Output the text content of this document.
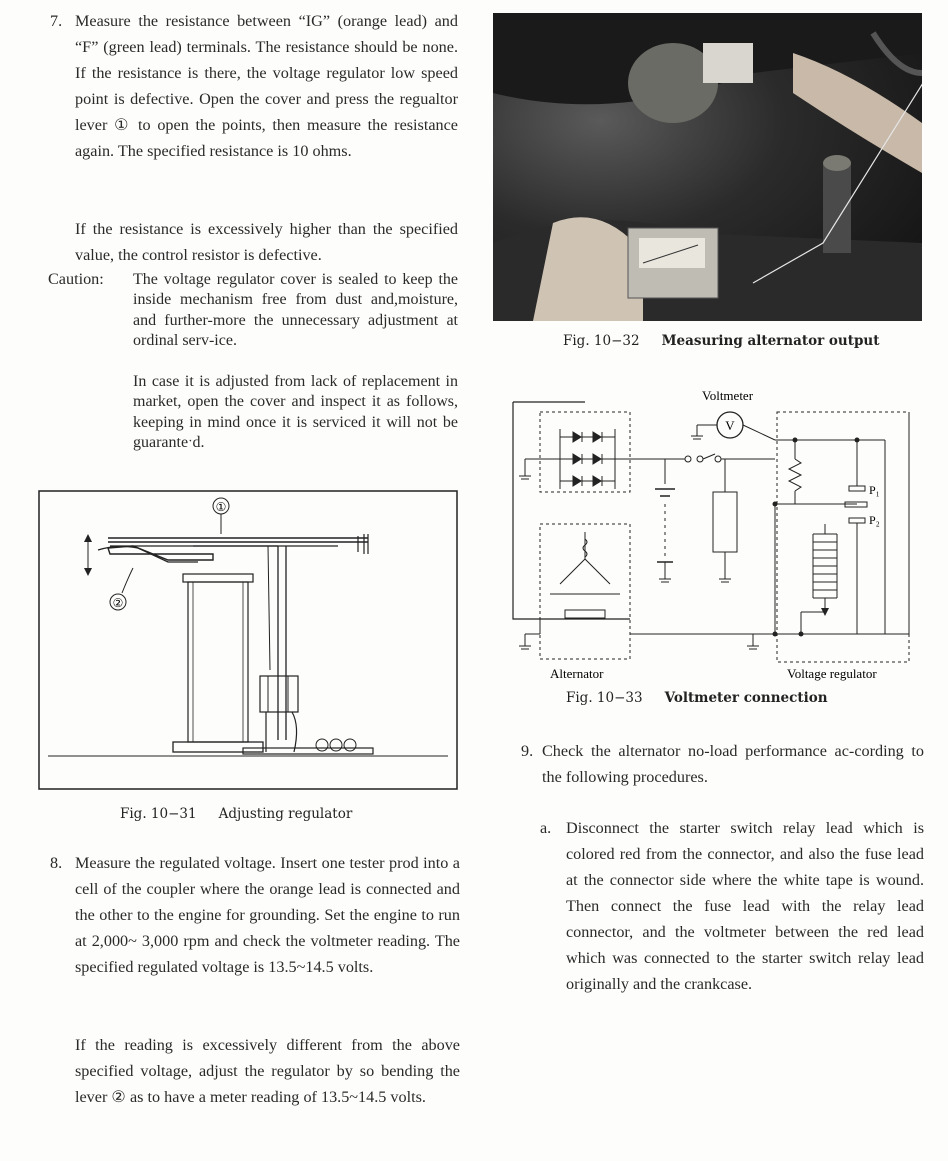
7. Measure the resistance between “IG” (orange lead) and “F” (green lead) terminals. The resistance should be none. If the resistance is there, the voltage regulator low speed point is defective. Open the cover and press the regualtor lever ① to open the points, then measure the resistance again. The specified resistance is 10 ohms.
If the resistance is excessively higher than the specified value, the control resistor is defective.
Caution: The voltage regulator cover is sealed to keep the inside mechanism free from dust and,moisture, and further-more the unnecessary adjustment at ordinal serv-ice.
In case it is adjusted from lack of replacement in market, open the cover and inspect it as follows, keeping in mind once it is serviced it will not be guaranteˑd.
①
②
Fig. 10−31 Adjusting regulator
8. Measure the regulated voltage. Insert one tester prod into a cell of the coupler where the orange lead is connected and the other to the engine for grounding. Set the engine to run at 2,000~ 3,000 rpm and check the voltmeter reading. The specified regulated voltage is 13.5~14.5 volts.
If the reading is excessively different from the above specified voltage, adjust the regulator by so bending the lever ② as to have a meter reading of 13.5~14.5 volts.
Fig. 10−32 Measuring alternator output
Voltmeter
V
Alternator
P₁
P₂
Voltage regulator
Fig. 10−33 Voltmeter connection
9. Check the alternator no-load performance ac-cording to the following procedures.
a. Disconnect the starter switch relay lead which is colored red from the connector, and also the fuse lead at the connector side where the white tape is wound. Then connect the fuse lead with the relay lead connector, and the voltmeter between the red lead which was connected to the starter switch relay lead originally and the crankcase.
